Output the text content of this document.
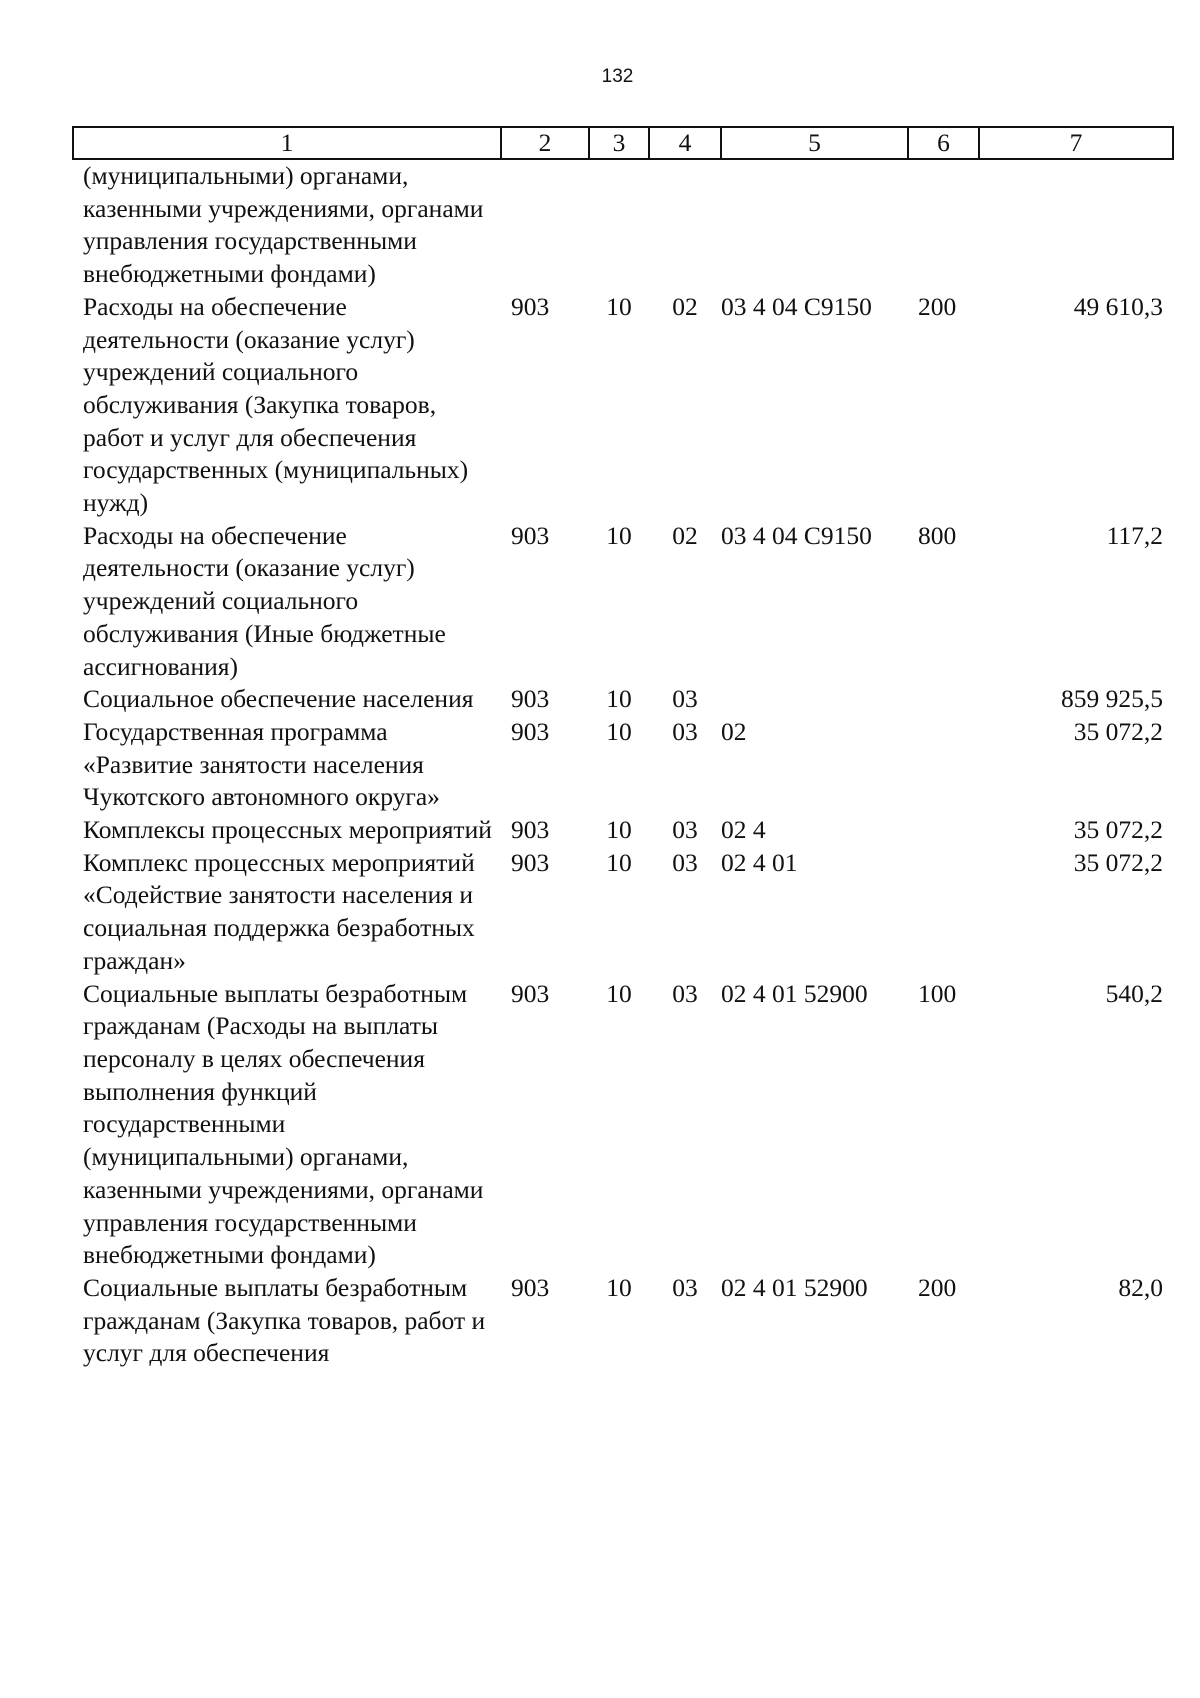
132
1	2	3	4	5	6	7
(муниципальными) органами, казенными учреждениями, органами управления государственными внебюджетными фондами)						
Расходы на обеспечение деятельности (оказание услуг) учреждений социального обслуживания (Закупка товаров, работ и услуг для обеспечения государственных (муниципальных) нужд)	903	10	02	03 4 04 С9150	200	49 610,3
Расходы на обеспечение деятельности (оказание услуг) учреждений социального обслуживания (Иные бюджетные ассигнования)	903	10	02	03 4 04 С9150	800	117,2
Социальное обеспечение населения	903	10	03			859 925,5
Государственная программа «Развитие занятости населения Чукотского автономного округа»	903	10	03	02		35 072,2
Комплексы процессных мероприятий	903	10	03	02 4		35 072,2
Комплекс процессных мероприятий «Содействие занятости населения и социальная поддержка безработных граждан»	903	10	03	02 4 01		35 072,2
Социальные выплаты безработным гражданам (Расходы на выплаты персоналу в целях обеспечения выполнения функций государственными (муниципальными) органами, казенными учреждениями, органами управления государственными внебюджетными фондами)	903	10	03	02 4 01 52900	100	540,2
Социальные выплаты безработным гражданам (Закупка товаров, работ и услуг для обеспечения	903	10	03	02 4 01 52900	200	82,0
